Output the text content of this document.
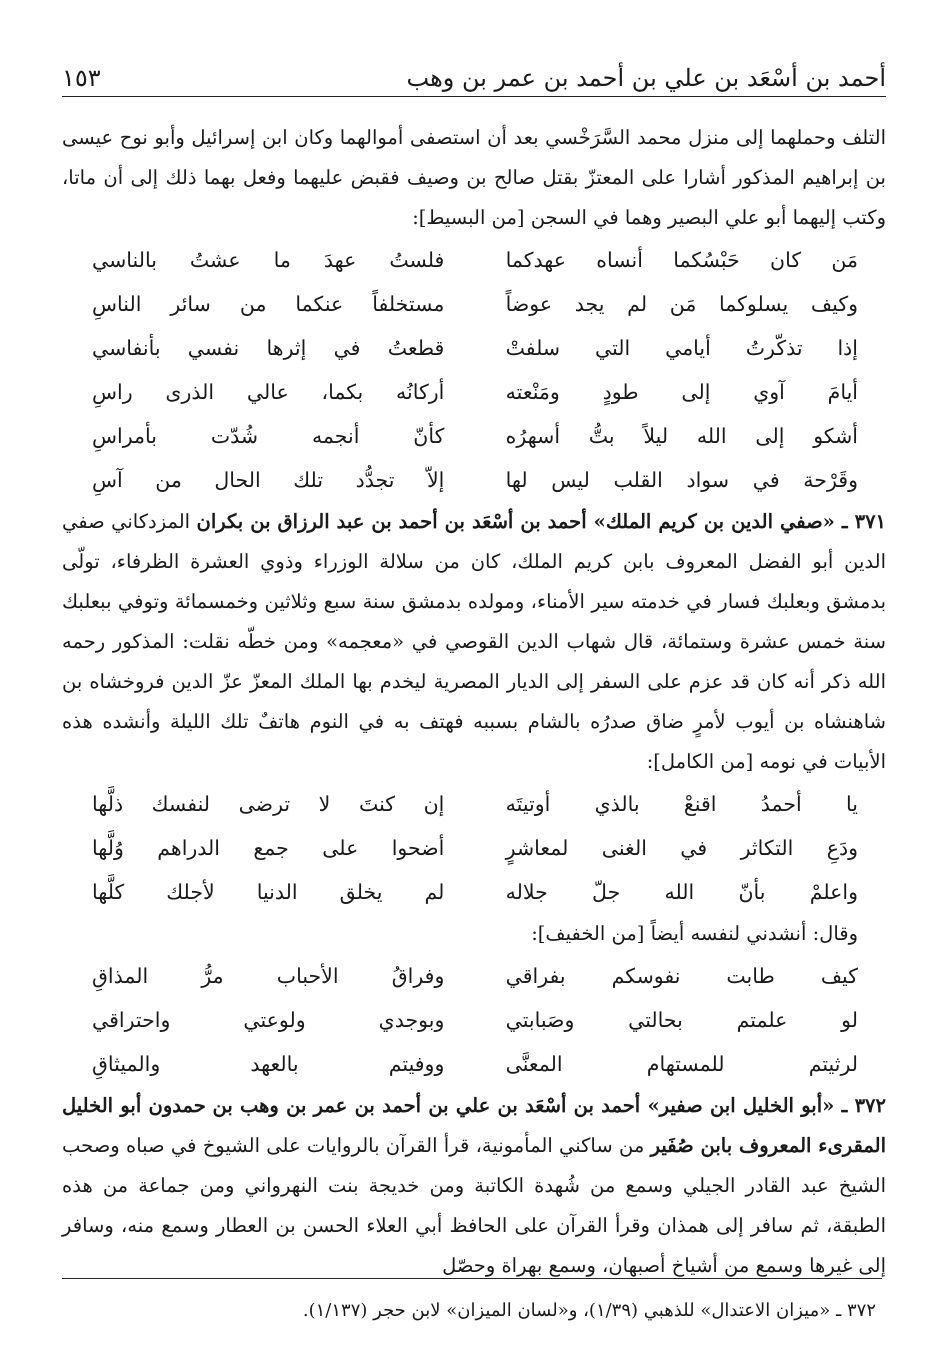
أحمد بن أسْعَد بن علي بن أحمد بن عمر بن وهب
١٥٣

التلف وحملهما إلى منزل محمد السَّرَخْسي بعد أن استصفى أموالهما وكان ابن إسرائيل وأبو نوح عيسى بن إبراهيم المذكور أشارا على المعتزّ بقتل صالح بن وصيف فقبض عليهما وفعل بهما ذلك إلى أن ماتا، وكتب إليهما أبو علي البصير وهما في السجن [من البسيط]:

مَن كان حَبْسُكما أنساه عهدكما
فلستُ عهدَ ما عشتُ بالناسي
وكيف يسلوكما مَن لم يجد عوضاً
مستخلفاً عنكما من سائر الناسِ
إذا تذكّرتُ أيامي التي سلفتْ
قطعتُ في إثرها نفسي بأنفاسي
أيامَ آوي إلى طودٍ ومَنْعته
أركانُه بكما، عالي الذرى راسِ
أشكو إلى الله ليلاً بتُّ أسهرُه
كأنّ أنجمه شُدّت بأمراسِ
وقَرْحة في سواد القلب ليس لها
إلاّ تجدُّد تلك الحال من آسِ

٣٧١ ـ «صفي الدين بن كريم الملك» أحمد بن أسْعَد بن أحمد بن عبد الرزاق بن بكران المزدكاني صفي الدين أبو الفضل المعروف بابن كريم الملك، كان من سلالة الوزراء وذوي العشرة الظرفاء، تولّى بدمشق وبعلبك فسار في خدمته سير الأمناء، ومولده بدمشق سنة سبع وثلاثين وخمسمائة وتوفي ببعلبك سنة خمس عشرة وستمائة، قال شهاب الدين القوصي في «معجمه» ومن خطّه نقلت: المذكور رحمه الله ذكر أنه كان قد عزم على السفر إلى الديار المصرية ليخدم بها الملك المعزّ عزّ الدين فروخشاه بن شاهنشاه بن أيوب لأمرٍ ضاق صدرُه بالشام بسببه فهتف به في النوم هاتفٌ تلك الليلة وأنشده هذه الأبيات في نومه [من الكامل]:

يا أحمدُ اقنعْ بالذي أوتيتَه
إن كنتَ لا ترضى لنفسك ذلَّها
ودَعِ التكاثر في الغنى لمعاشرٍ
أضحوا على جمع الدراهم وُلَّها
واعلمْ بأنّ الله جلّ جلاله
لم يخلق الدنيا لأجلك كلَّها

وقال: أنشدني لنفسه أيضاً [من الخفيف]:

كيف طابت نفوسكم بفراقي
وفراقُ الأحباب مرُّ المذاقِ
لو علمتم بحالتي وصَبابتي
وبوجدي ولوعتي واحتراقي
لرثيتم للمستهام المعنَّى
ووفيتم بالعهد والميثاقِ

٣٧٢ ـ «أبو الخليل ابن صفير» أحمد بن أسْعَد بن علي بن أحمد بن عمر بن وهب بن حمدون أبو الخليل المقرىء المعروف بابن صُفَير من ساكني المأمونية، قرأ القرآن بالروايات على الشيوخ في صباه وصحب الشيخ عبد القادر الجيلي وسمع من شُهدة الكاتبة ومن خديجة بنت النهرواني ومن جماعة من هذه الطبقة، ثم سافر إلى همذان وقرأ القرآن على الحافظ أبي العلاء الحسن بن العطار وسمع منه، وسافر إلى غيرها وسمع من أشياخ أصبهان، وسمع بهراة وحصّل

٣٧٢ ـ «ميزان الاعتدال» للذهبي (١/٣٩)، و«لسان الميزان» لابن حجر (١/١٣٧).
